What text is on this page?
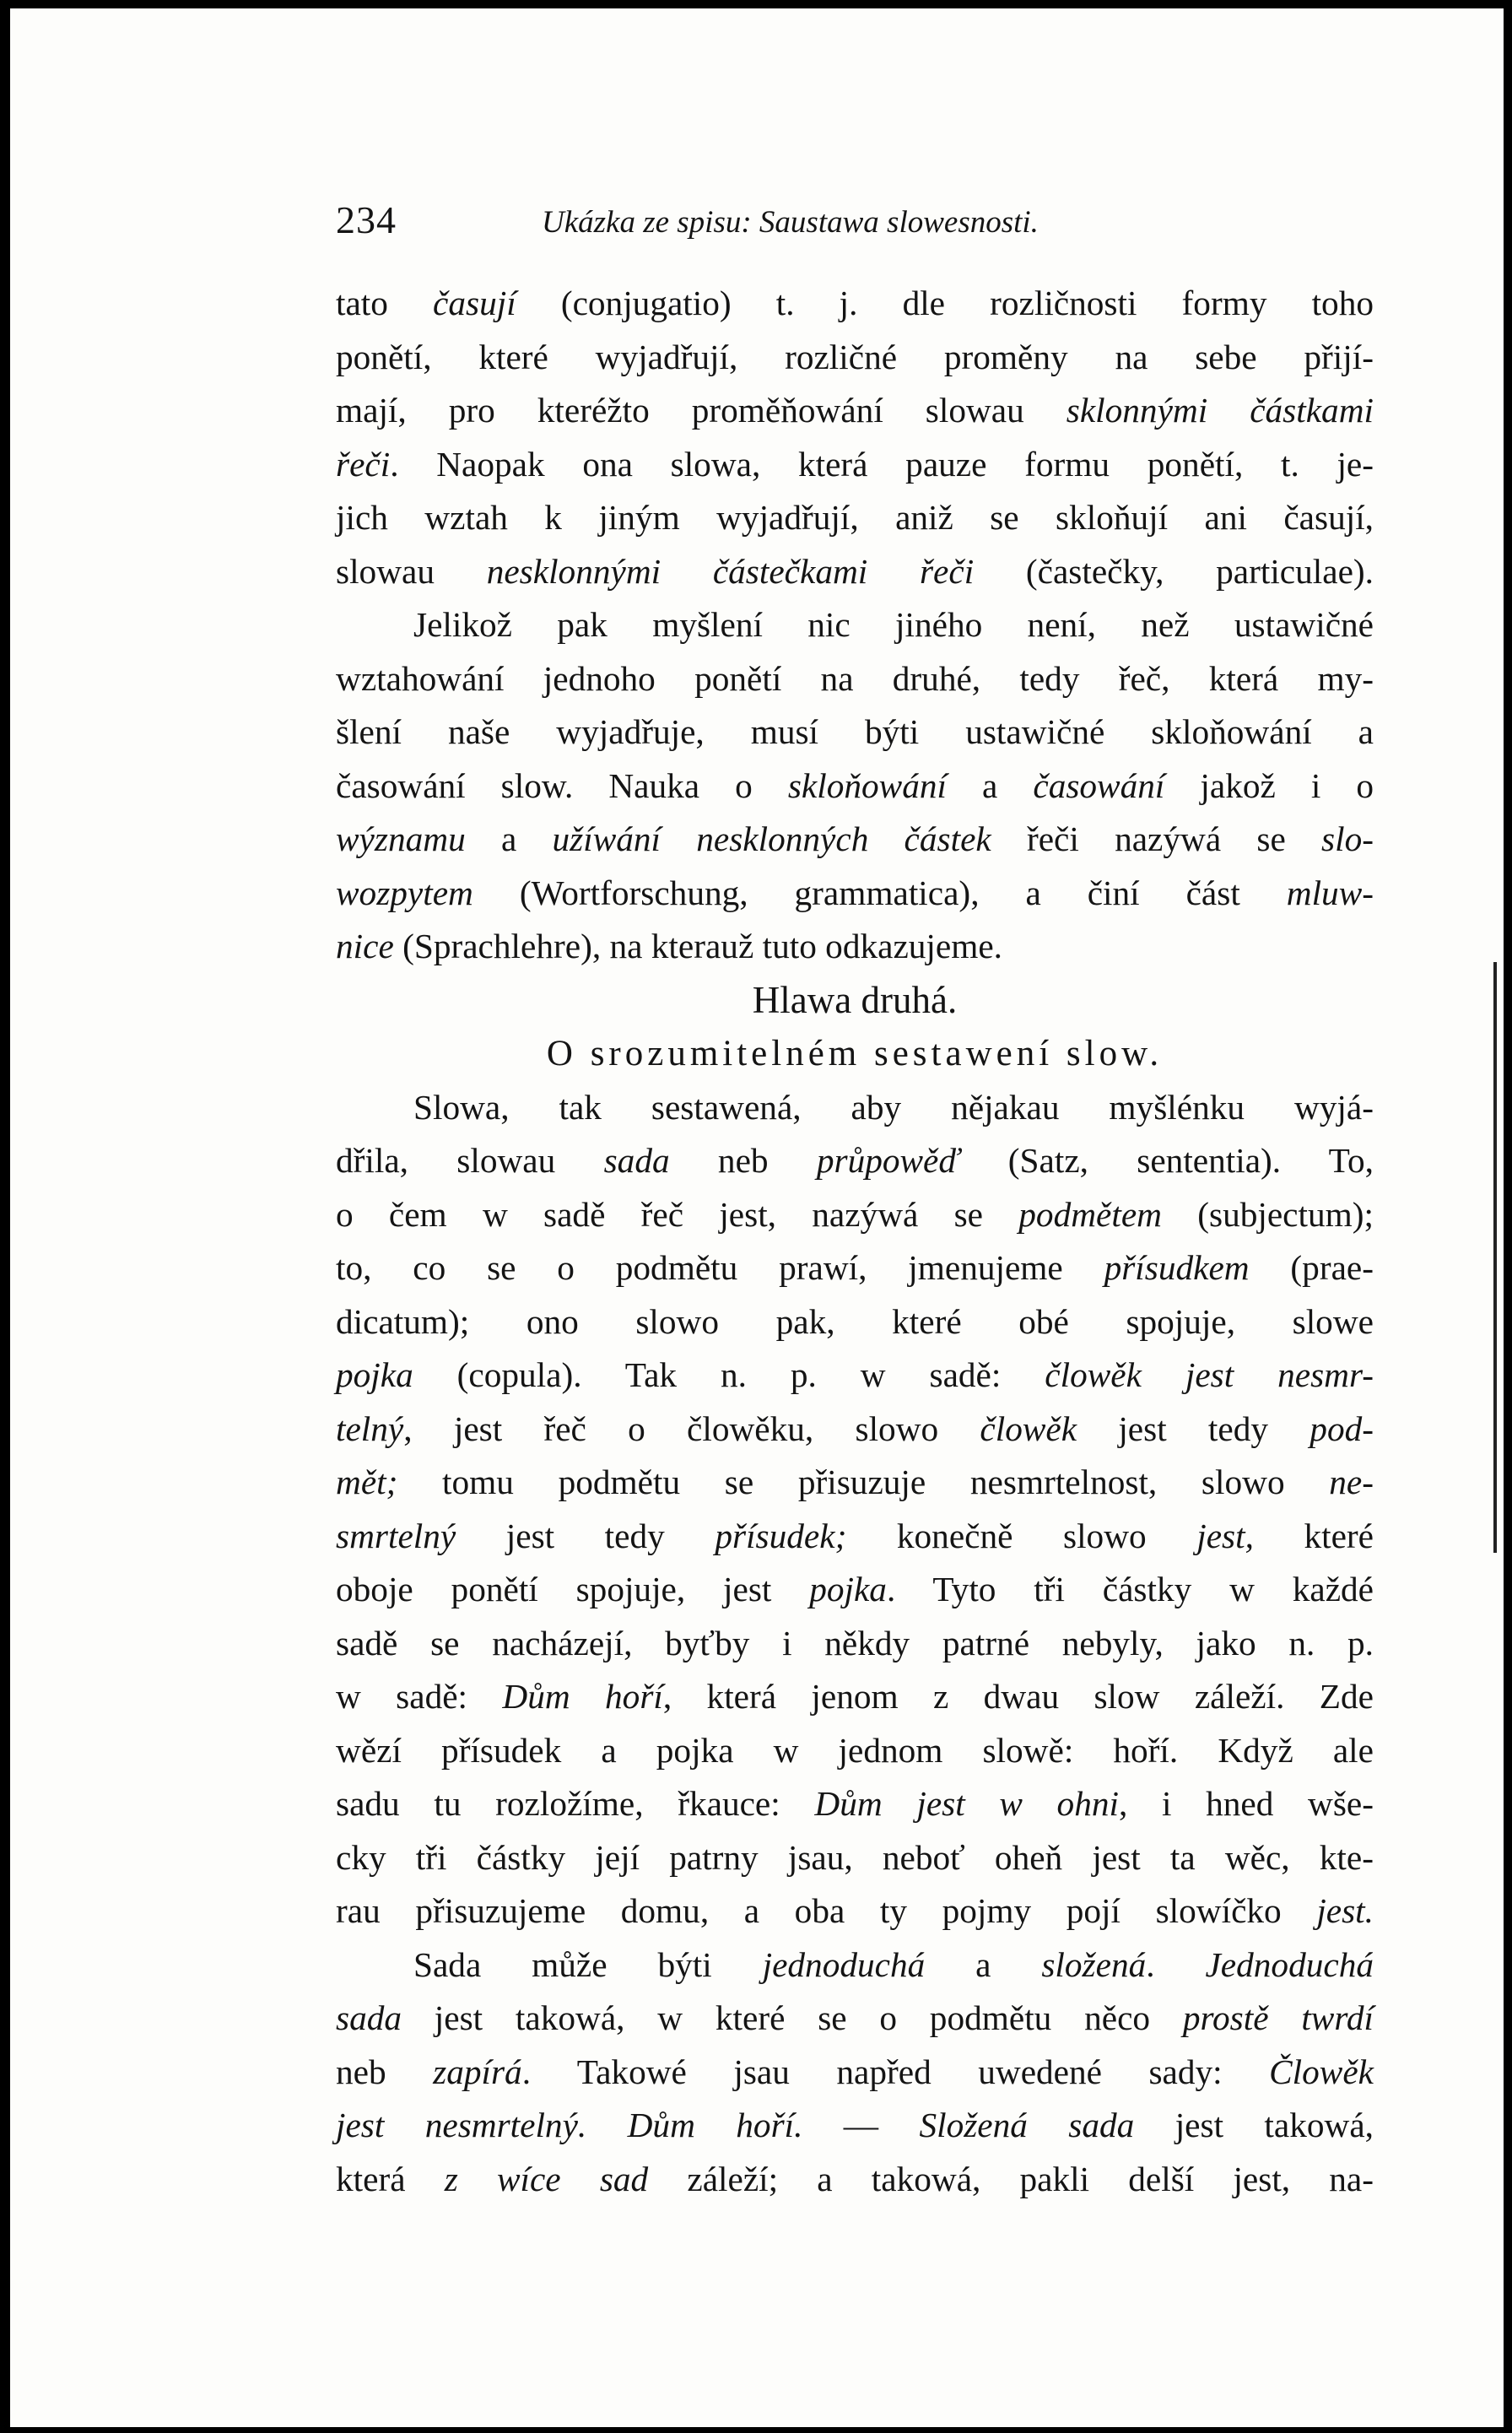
234	Ukázka ze spisu: Saustawa slowesnosti.
tato časují (conjugatio) t. j. dle rozličnosti formy toho
ponětí, které wyjadřují, rozličné proměny na sebe přijí-
mají, pro kteréžto proměňowání slowau sklonnými částkami
řeči. Naopak ona slowa, která pauze formu ponětí, t. je-
jich wztah k jiným wyjadřují, aniž se skloňují ani časují,
slowau nesklonnými částečkami řeči (častečky, particulae).
Jelikož pak myšlení nic jiného není, než ustawičné
wztahowání jednoho ponětí na druhé, tedy řeč, která my-
šlení naše wyjadřuje, musí býti ustawičné skloňowání a
časowání slow. Nauka o skloňowání a časowání jakož i o
wýznamu a užíwání nesklonných částek řeči nazýwá se slo-
wozpytem (Wortforschung, grammatica), a činí část mluw-
nice (Sprachlehre), na kterauž tuto odkazujeme.
Hlawa druhá.
O srozumitelném sestawení slow.
Slowa, tak sestawená, aby nějakau myšlénku wyjá-
dřila, slowau sada neb průpowěď (Satz, sententia). To,
o čem w sadě řeč jest, nazýwá se podmětem (subjectum);
to, co se o podmětu prawí, jmenujeme přísudkem (prae-
dicatum); ono slowo pak, které obé spojuje, slowe
pojka (copula). Tak n. p. w sadě: člowěk jest nesmr-
telný, jest řeč o člowěku, slowo člowěk jest tedy pod-
mět; tomu podmětu se přisuzuje nesmrtelnost, slowo ne-
smrtelný jest tedy přísudek; konečně slowo jest, které
oboje ponětí spojuje, jest pojka. Tyto tři částky w každé
sadě se nacházejí, byťby i někdy patrné nebyly, jako n. p.
w sadě: Dům hoří, která jenom z dwau slow záleží. Zde
wězí přísudek a pojka w jednom slowě: hoří. Když ale
sadu tu rozložíme, řkauce: Dům jest w ohni, i hned wše-
cky tři částky její patrny jsau, neboť oheň jest ta wěc, kte-
rau přisuzujeme domu, a oba ty pojmy pojí slowíčko jest.
Sada může býti jednoduchá a složená. Jednoduchá
sada jest takowá, w které se o podmětu něco prostě twrdí
neb zapírá. Takowé jsau napřed uwedené sady: Člowěk
jest nesmrtelný. Dům hoří. — Složená sada jest takowá,
která z wíce sad záleží; a takowá, pakli delší jest, na-
